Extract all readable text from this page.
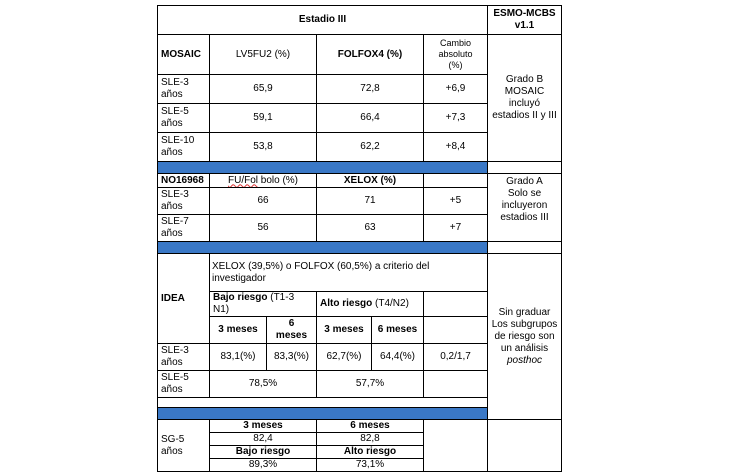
Estadio III						ESMO-MCBS
v1.1

MOSAIC	LV5FU2 (%)		FOLFOX4 (%)		Cambio
absoluto
(%)	Grado B
MOSAIC
incluyó
estadios II y III

SLE-3
años	65,9		72,8		+6,9	

SLE-5
años	59,1		66,4		+7,3	

SLE-10
años	53,8		62,2		+8,4	

NO16968	FU/Fol bolo (%)		XELOX (%)			Grado A
Solo se
incluyeron
estadios III

SLE-3
años	66		71		+5	

SLE-7
años	56		63		+7	

IDEA	XELOX (39,5%) o FOLFOX (60,5%) a criterio del investigador					Sin graduar
Los subgrupos
de riesgo son
un análisis
posthoc

	Bajo riesgo (T1-3 N1)		Alto riesgo (T4/N2)			
	3 meses	6
meses	3 meses	6 meses		

SLE-3
años	83,1(%)	83,3(%)	62,7(%)	64,4(%)	0,2/1,7	

SLE-5
años	78,5%		57,7%			

SG-5
años	3 meses		6 meses			
	82,4		82,8			
	Bajo riesgo		Alto riesgo			
	89,3%		73,1%			
